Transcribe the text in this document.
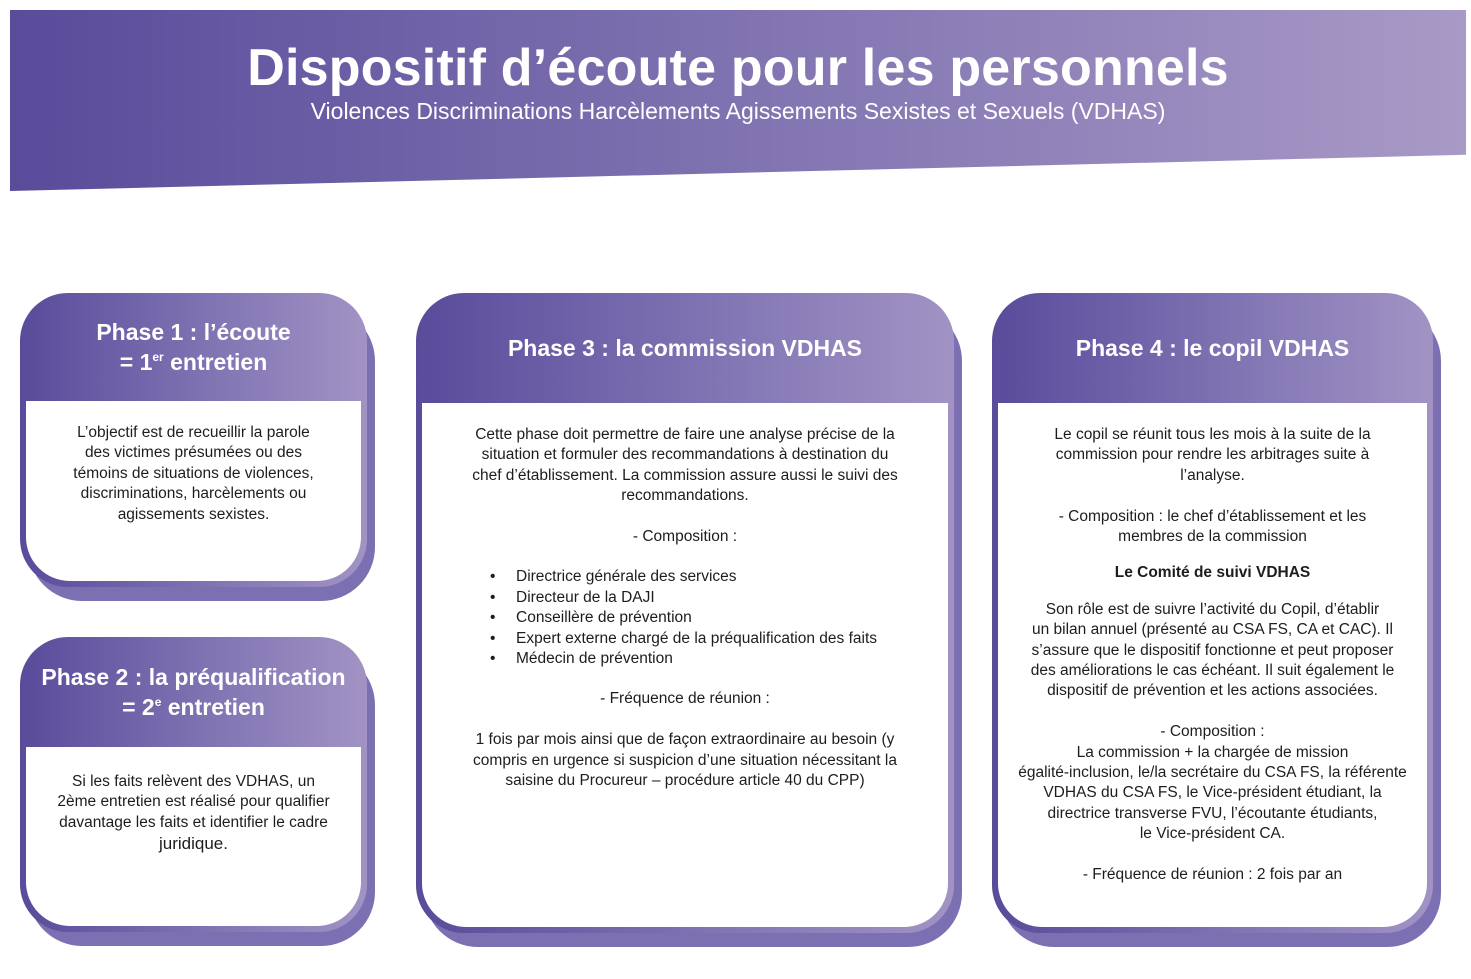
Dispositif d’écoute pour les personnels
Violences Discriminations Harcèlements Agissements Sexistes et Sexuels (VDHAS)
Phase 1 : l’écoute
= 1er entretien

L’objectif est de recueillir la parole

des victimes présumées ou des

témoins de situations de violences,

discriminations, harcèlements ou

agissements sexistes.

Phase 2 : la préqualification
= $2^e$ entretien

Si les faits relèvent des VDHAS, un

2ème entretien est réalisé pour qualifier

davantage les faits et identifier le cadre

juridique.

Phase 3 : la commission VDHAS

Cette phase doit permettre de faire une analyse précise de la

situation et formuler des recommandations à destination du

chef d’établissement. La commission assure aussi le suivi des

recommandations.

- Composition :

• Directrice générale des services
• Directeur de la DAJI
• Conseillère de prévention
• Expert externe chargé de la préqualification des faits
• Médecin de prévention

- Fréquence de réunion :

1 fois par mois ainsi que de façon extraordinaire au besoin (y

compris en urgence si suspicion d’une situation nécessitant la

saisine du Procureur – procédure article 40 du CPP)

Phase 4 : le copil VDHAS

Le copil se réunit tous les mois à la suite de la

commission pour rendre les arbitrages suite à

l’analyse.

- Composition : le chef d’établissement et les

membres de la commission

Le Comité de suivi VDHAS

Son rôle est de suivre l’activité du Copil, d’établir

un bilan annuel (présenté au CSA FS, CA et CAC). Il

s’assure que le dispositif fonctionne et peut proposer

des améliorations le cas échéant. Il suit également le

dispositif de prévention et les actions associées.

- Composition :

La commission + la chargée de mission

égalité-inclusion, le/la secrétaire du CSA FS, la référente

VDHAS du CSA FS, le Vice-président étudiant, la

directrice transverse FVU, l’écoutante étudiants,

le Vice-président CA.

- Fréquence de réunion : 2 fois par an
